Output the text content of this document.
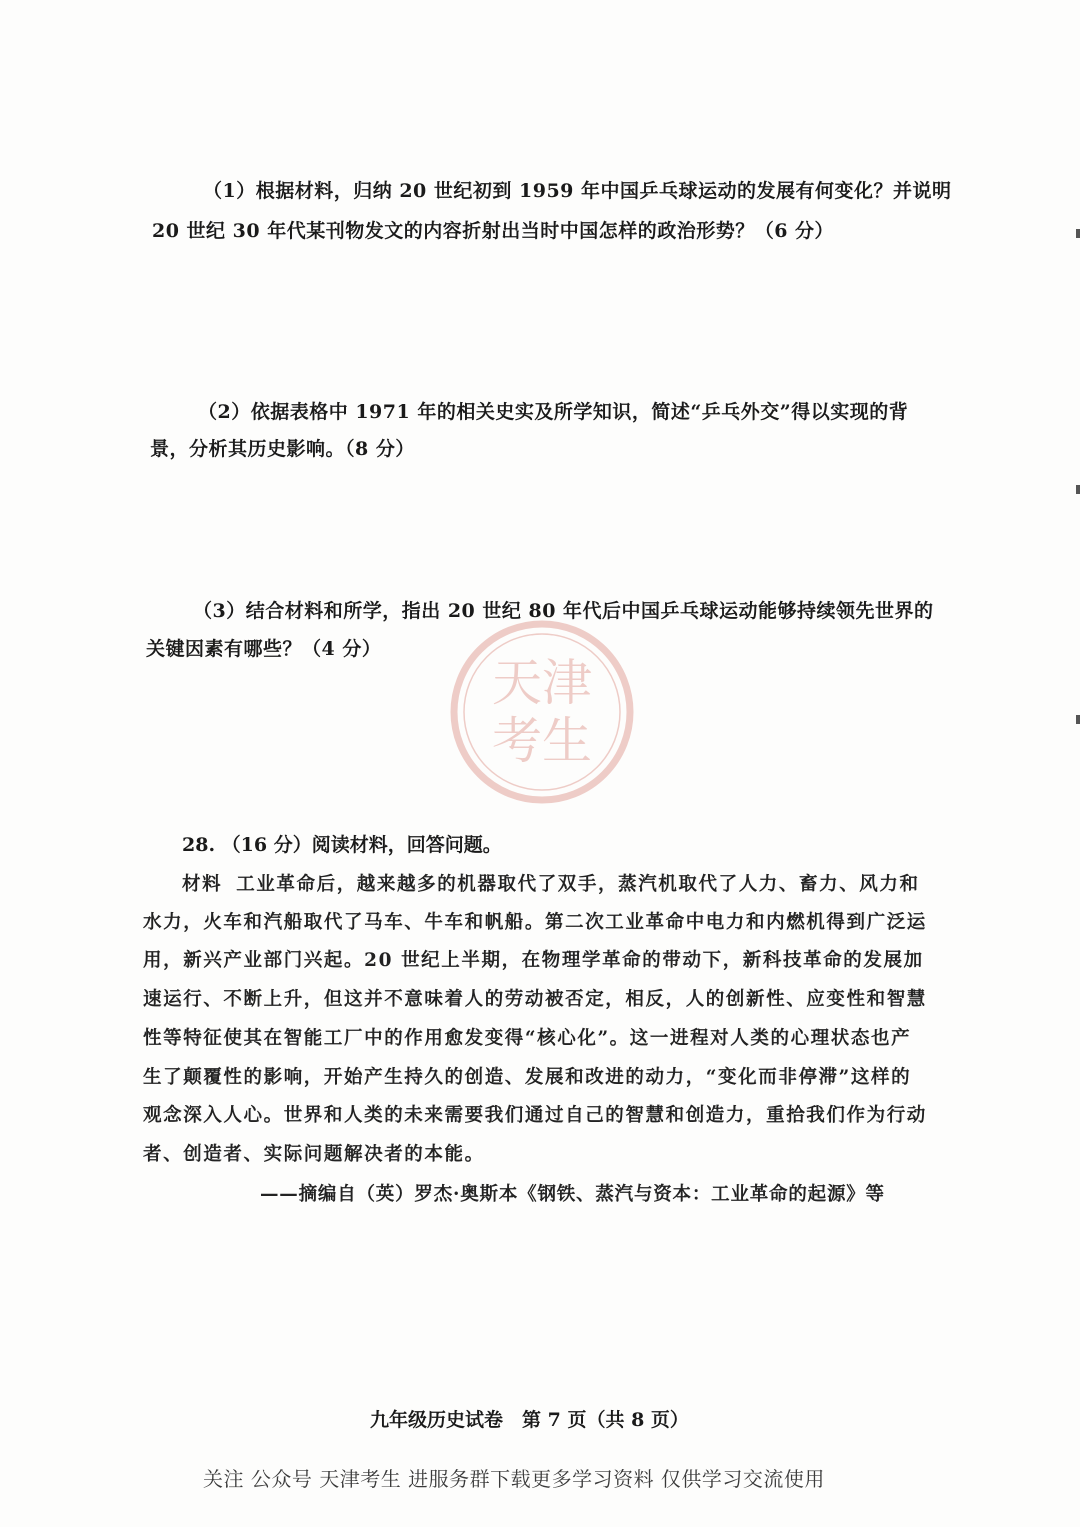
（1）根据材料，归纳 20 世纪初到 1959 年中国乒乓球运动的发展有何变化？并说明
20 世纪 30 年代某刊物发文的内容折射出当时中国怎样的政治形势？（6 分）
（2）依据表格中 1971 年的相关史实及所学知识，简述“乒乓外交”得以实现的背
景，分析其历史影响。（8 分）
（3）结合材料和所学，指出 20 世纪 80 年代后中国乒乓球运动能够持续领先世界的
关键因素有哪些？（4 分）
天津
考生
28. （16 分）阅读材料，回答问题。
材料 工业革命后，越来越多的机器取代了双手，蒸汽机取代了人力、畜力、风力和
水力，火车和汽船取代了马车、牛车和帆船。第二次工业革命中电力和内燃机得到广泛运
用，新兴产业部门兴起。20 世纪上半期，在物理学革命的带动下，新科技革命的发展加
速运行、不断上升，但这并不意味着人的劳动被否定，相反，人的创新性、应变性和智慧
性等特征使其在智能工厂中的作用愈发变得“核心化”。这一进程对人类的心理状态也产
生了颠覆性的影响，开始产生持久的创造、发展和改进的动力，“变化而非停滞”这样的
观念深入人心。世界和人类的未来需要我们通过自己的智慧和创造力，重拾我们作为行动
者、创造者、实际问题解决者的本能。
——摘编自（英）罗杰·奥斯本《钢铁、蒸汽与资本：工业革命的起源》等
九年级历史试卷　第 7 页（共 8 页）
关注 公众号 天津考生 进服务群下载更多学习资料 仅供学习交流使用
